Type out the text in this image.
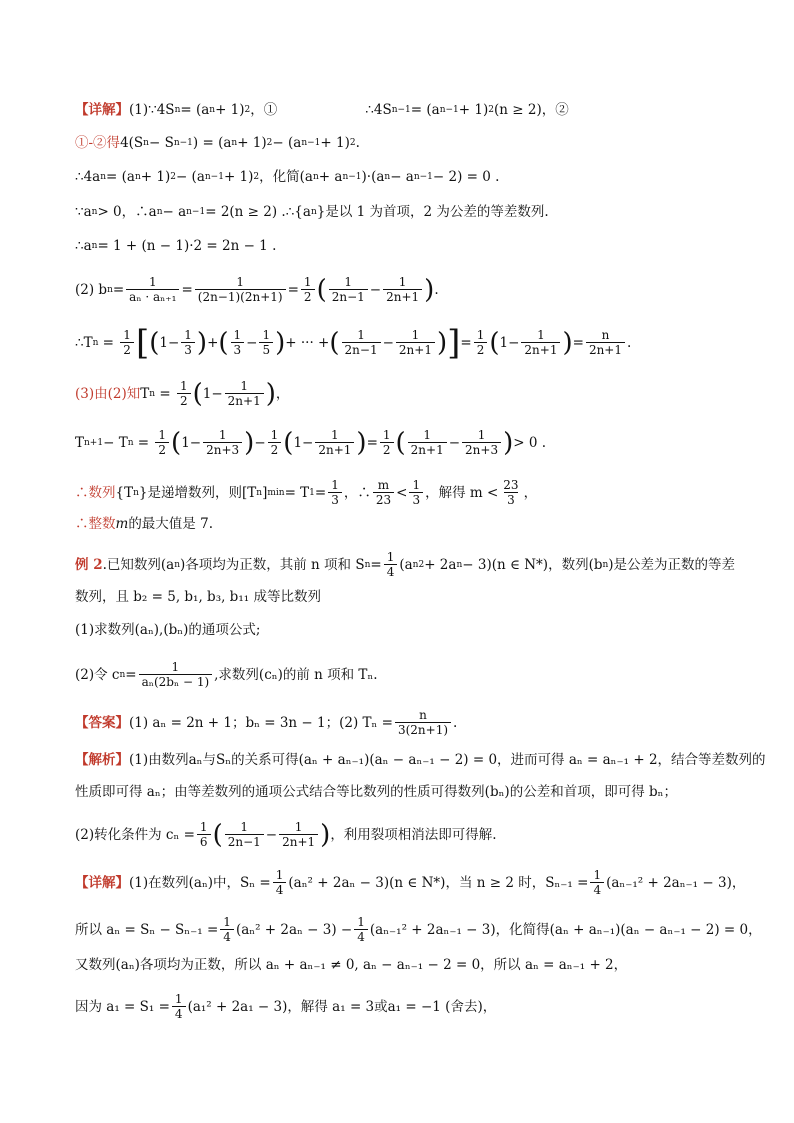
【详解】 (1)∵4S n = (a n + 1) 2 ，①	∴4S n−1 = (a n−1 + 1) 2 (n ≥ 2)，②
①-②得 4(S n − S n−1 ) = (a n + 1) 2 − (a n−1 + 1) 2 .
∴4a n = (a n + 1) 2 − (a n−1 + 1) 2 ，化简(a n + a n−1 )·(a n − a n−1 − 2) = 0 .
∵a n > 0，∴a n − a n−1 = 2(n ≥ 2) .∴{a n }是以 1 为首项，2 为公差的等差数列.
∴a n = 1 + (n − 1)·2 = 2n − 1 .
(2) b $n = \frac{1}{\text{aₙ · aₙ₊₁}} = \frac{1}{(2n-1)(2n+1)} = \frac{1}{2}$ ( $\frac{1}{2n-1} - \frac{1}{2n+1}$ ) .
∴T $n = \frac{1}{2}$ [ ( $1- \frac{1}{3}$ ) + ( $\frac{1}{3} - \frac{1}{5}$ ) + ··· + ( $\frac{1}{2n-1} - \frac{1}{2n+1}$ ) ] = $\frac{1}{2}$ ( $1- \frac{1}{2n+1}$ ) = $\frac{n}{2n+1}$ .
(3)由(2)知 T $n = \frac{1}{2}$ ( $1- \frac{1}{2n+1}$ ) ，
T n+1 − T $n = \frac{1}{2}$ ( $1- \frac{1}{2n+3}$ ) − $\frac{1}{2}$ ( $1- \frac{1}{2n+1}$ ) = $\frac{1}{2}$ ( $\frac{1}{2n+1} - \frac{1}{2n+3}$ ) > 0 .
∴数列 {T n }是递增数列，则[T n ] min = T $1 = \frac{1}{3}$ ，∴ $\frac{m}{23} < \frac{1}{3}$ ，解得 $m < \frac{23}{3}$ ，
∴整数 m 的最大值是 7.
例 2 .已知数列(a n )各项均为正数，其前 n 项和 S $n = \frac{1}{4} (a$ n 2 + 2a n − 3)(n ∈ N*)，数列(b n )是公差为正数的等差
数列，且 b₂ = 5, b₁, b₃, b₁₁ 成等比数列
(1)求数列(aₙ),(bₙ)的通项公式;
(2)令 c $n = \frac{1}{\text{aₙ(2bₙ − 1)}}$ ,求数列(cₙ)的前 n 项和 Tₙ.
【答案】 (1) aₙ = 2n + 1；bₙ = 3n − 1；(2) $T_n = \frac{n}{3(2n+1)}$ .
【解析】 (1)由数列aₙ与Sₙ的关系可得(aₙ + aₙ₋₁)(aₙ − aₙ₋₁ − 2) = 0，进而可得 aₙ = aₙ₋₁ + 2，结合等差数列的
性质即可得 aₙ；由等差数列的通项公式结合等比数列的性质可得数列(bₙ)的公差和首项，即可得 bₙ；
(2)转化条件为 $c_n = \frac{1}{6}$ ( $\frac{1}{2n-1} - \frac{1}{2n+1}$ ) ，利用裂项相消法即可得解.
【详解】 (1)在数列(aₙ)中，$S_n = \frac{1}{4} (a_n^2 + 2a_n - 3)(n$ ∈ N*)，当 n ≥ 2 时，$S_{n-1} = \frac{1}{4} (a_{n-1}^2 + 2a_{n-1} - 3)$，
所以 $a_n = S_n - S_{n-1} = \frac{1}{4} (a_n^2 + 2a_n - 3) - \frac{1}{4} (a_{n-1}^2 + 2a_{n-1} - 3)$，化简得(aₙ + aₙ₋₁)(aₙ − aₙ₋₁ − 2) = 0，
又数列(aₙ)各项均为正数，所以 aₙ + aₙ₋₁ ≠ 0, aₙ − aₙ₋₁ − 2 = 0，所以 aₙ = aₙ₋₁ + 2，
因为 $a_1 = S_1 = \frac{1}{4} (a_1^2 + 2a_1 - 3)$，解得 a₁ = 3或a₁ = −1 (舍去)，
